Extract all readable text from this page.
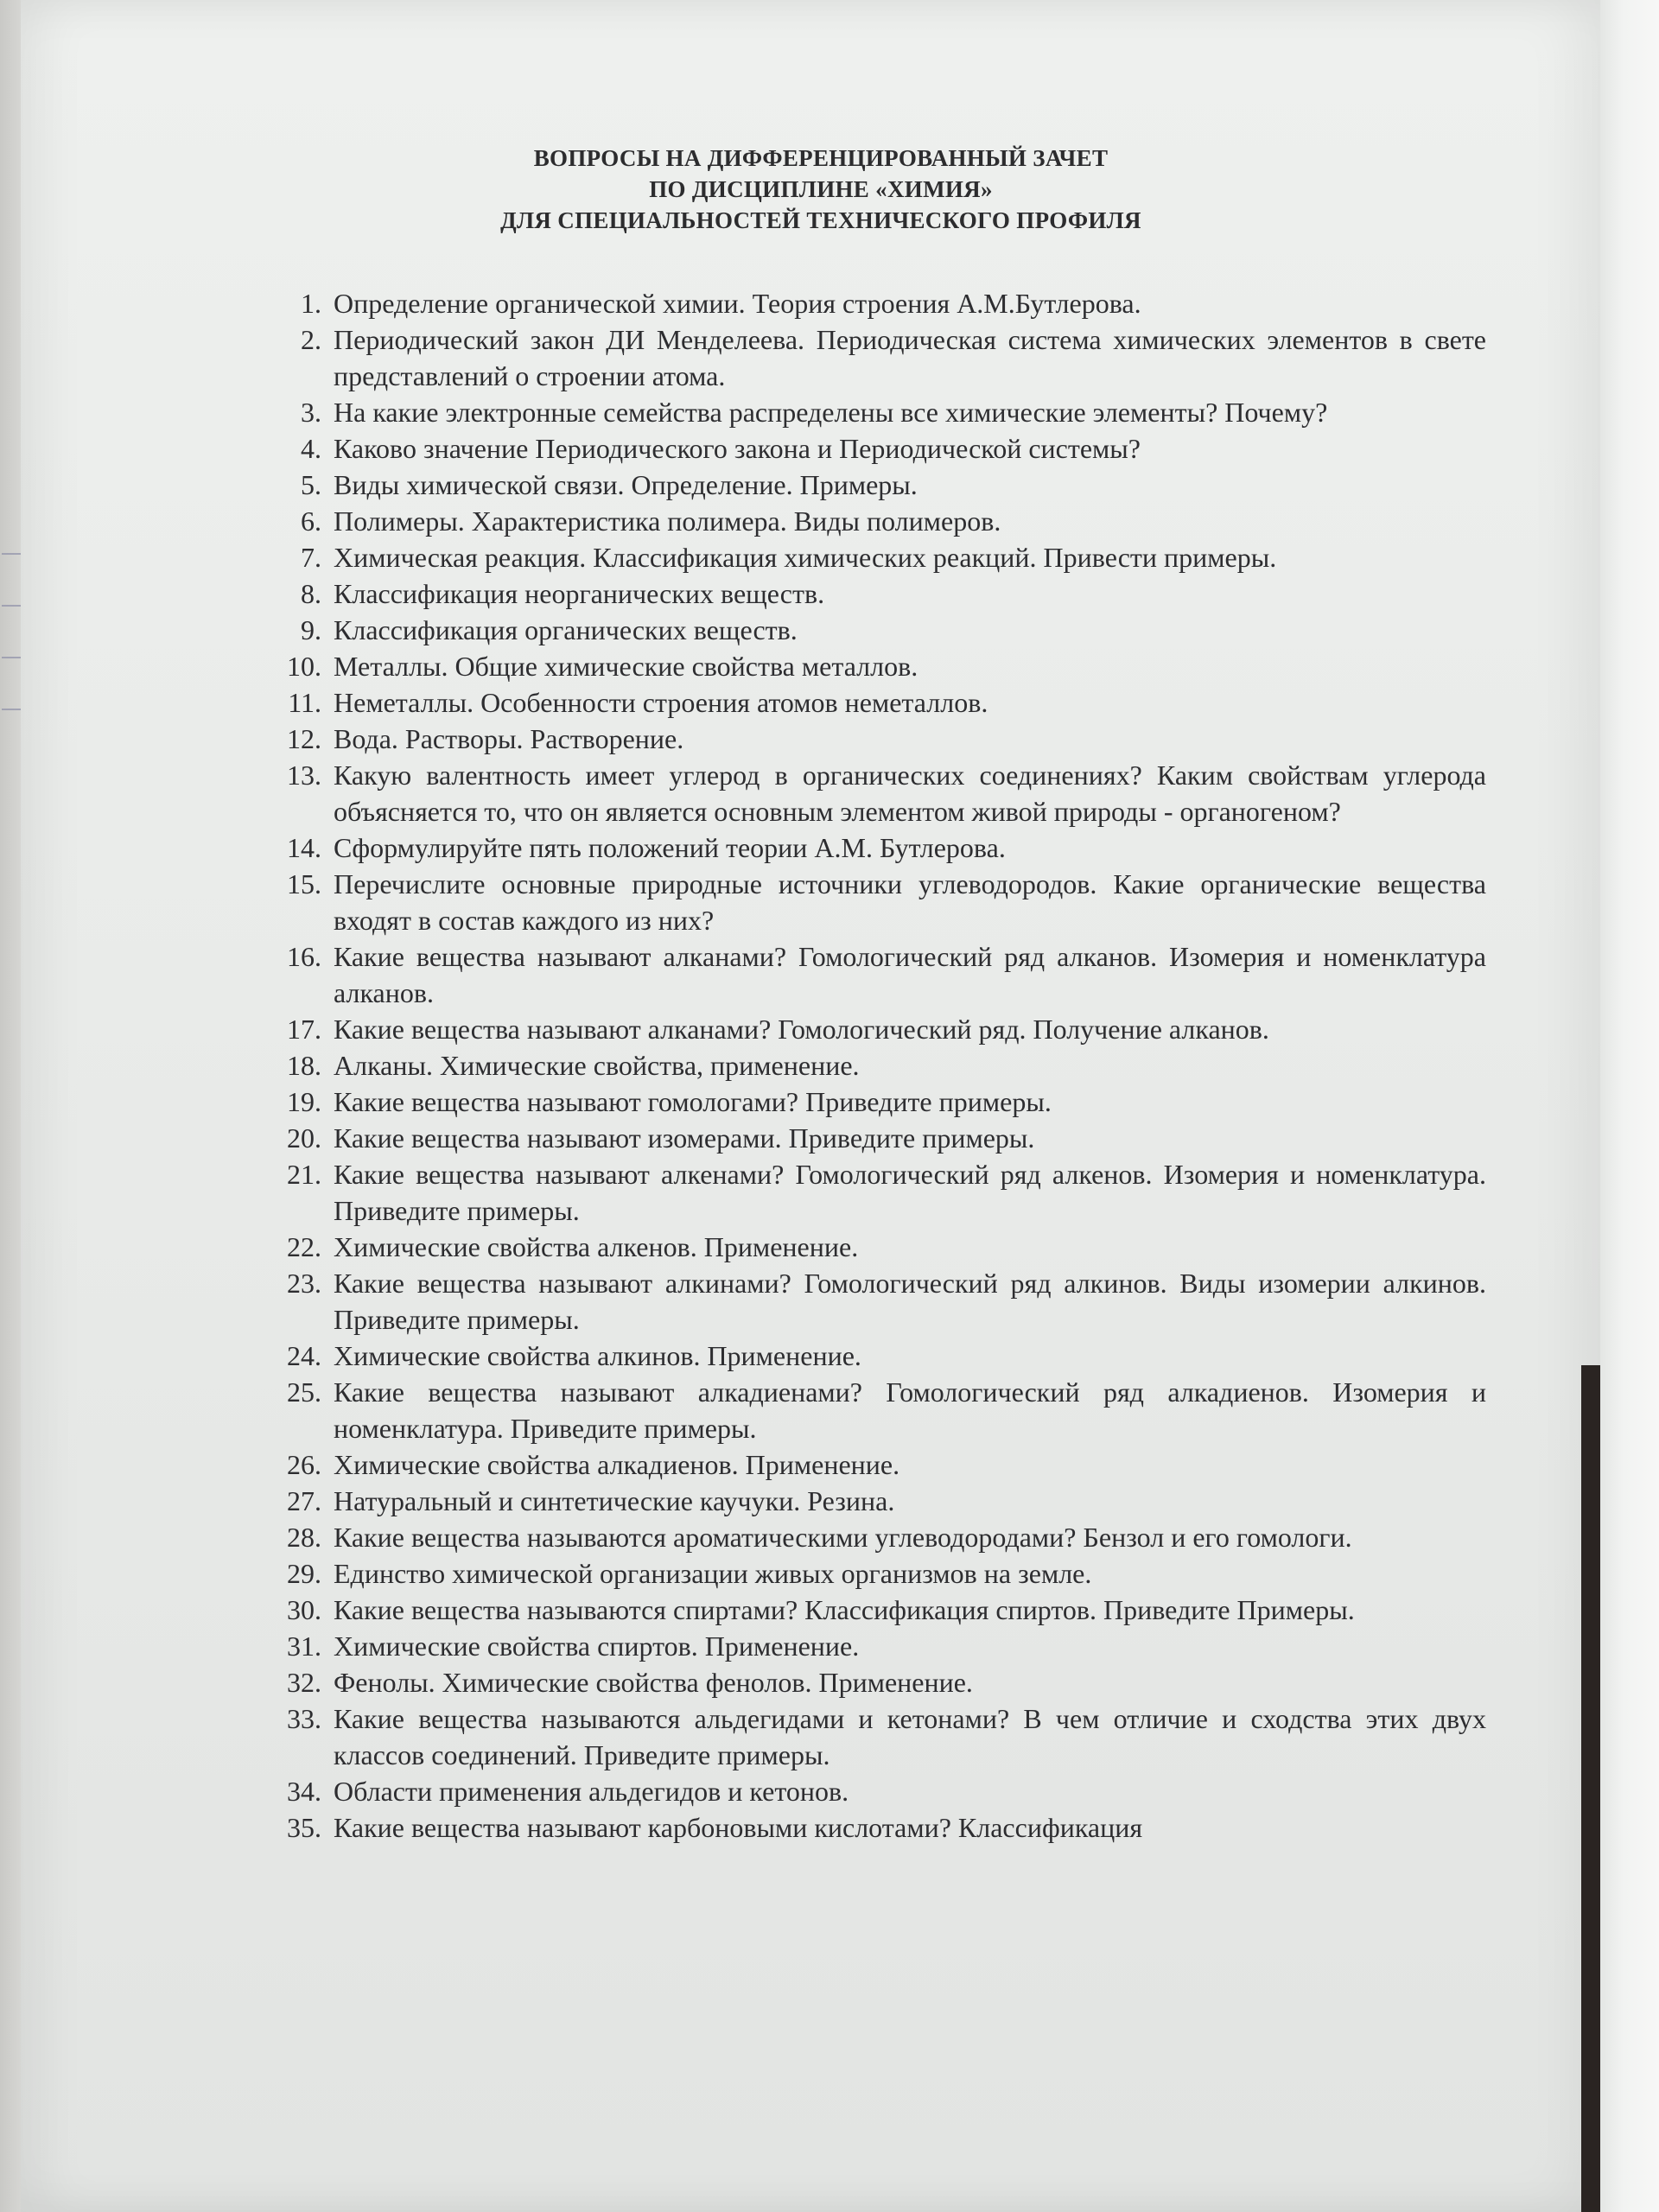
ВОПРОСЫ НА ДИФФЕРЕНЦИРОВАННЫЙ ЗАЧЕТ
ПО ДИСЦИПЛИНЕ «ХИМИЯ»
ДЛЯ СПЕЦИАЛЬНОСТЕЙ ТЕХНИЧЕСКОГО ПРОФИЛЯ
1. Определение органической химии. Теория строения А.М.Бутлерова.
2. Периодический закон ДИ Менделеева. Периодическая система химических элементов в свете представлений о строении атома.
3. На какие электронные семейства распределены все химические элементы? Почему?
4. Каково значение Периодического закона и Периодической системы?
5. Виды химической связи. Определение. Примеры.
6. Полимеры. Характеристика полимера. Виды полимеров.
7. Химическая реакция. Классификация химических реакций. Привести примеры.
8. Классификация неорганических веществ.
9. Классификация органических веществ.
10. Металлы. Общие химические свойства металлов.
11. Неметаллы. Особенности строения атомов неметаллов.
12. Вода. Растворы. Растворение.
13. Какую валентность имеет углерод в органических соединениях? Каким свойствам углерода объясняется то, что он является основным элементом живой природы - органогеном?
14. Сформулируйте пять положений теории А.М. Бутлерова.
15. Перечислите основные природные источники углеводородов. Какие органические вещества входят в состав каждого из них?
16. Какие вещества называют алканами? Гомологический ряд алканов. Изомерия и номенклатура алканов.
17. Какие вещества называют алканами? Гомологический ряд. Получение алканов.
18. Алканы. Химические свойства, применение.
19. Какие вещества называют гомологами? Приведите примеры.
20. Какие вещества называют изомерами. Приведите примеры.
21. Какие вещества называют алкенами? Гомологический ряд алкенов. Изомерия и номенклатура. Приведите примеры.
22. Химические свойства алкенов. Применение.
23. Какие вещества называют алкинами? Гомологический ряд алкинов. Виды изомерии алкинов. Приведите примеры.
24. Химические свойства алкинов. Применение.
25. Какие вещества называют алкадиенами? Гомологический ряд алкадиенов. Изомерия и номенклатура. Приведите примеры.
26. Химические свойства алкадиенов. Применение.
27. Натуральный и синтетические каучуки. Резина.
28. Какие вещества называются ароматическими углеводородами? Бензол и его гомологи.
29. Единство химической организации живых организмов на земле.
30. Какие вещества называются спиртами? Классификация спиртов. Приведите Примеры.
31. Химические свойства спиртов. Применение.
32. Фенолы. Химические свойства фенолов. Применение.
33. Какие вещества называются альдегидами и кетонами? В чем отличие и сходства этих двух классов соединений. Приведите примеры.
34. Области применения альдегидов и кетонов.
35. Какие вещества называют карбоновыми кислотами? Классификация
